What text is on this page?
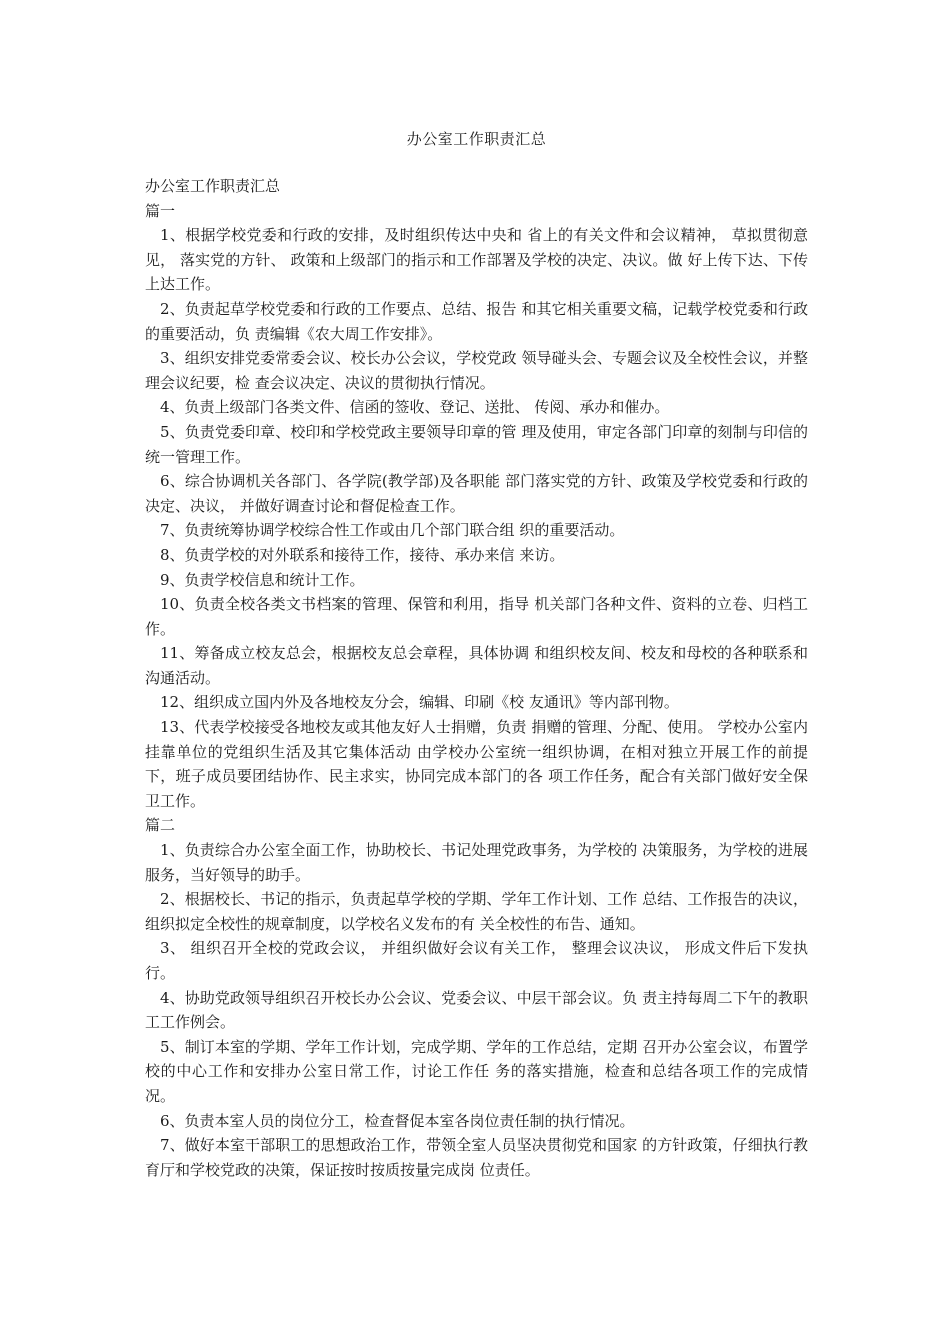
办公室工作职责汇总

办公室工作职责汇总

篇一

1、根据学校党委和行政的安排，及时组织传达中央和 省上的有关文件和会议精神， 草拟贯彻意见， 落实党的方针、 政策和上级部门的指示和工作部署及学校的决定、决议。做 好上传下达、下传上达工作。

2、负责起草学校党委和行政的工作要点、总结、报告 和其它相关重要文稿，记载学校党委和行政的重要活动，负 责编辑《农大周工作安排》。

3、组织安排党委常委会议、校长办公会议，学校党政 领导碰头会、专题会议及全校性会议，并整理会议纪要，检 查会议决定、决议的贯彻执行情况。

4、负责上级部门各类文件、信函的签收、登记、送批、 传阅、承办和催办。

5、负责党委印章、校印和学校党政主要领导印章的管 理及使用，审定各部门印章的刻制与印信的统一管理工作。

6、综合协调机关各部门、各学院(教学部)及各职能 部门落实党的方针、政策及学校党委和行政的决定、决议， 并做好调查讨论和督促检查工作。

7、负责统筹协调学校综合性工作或由几个部门联合组 织的重要活动。

8、负责学校的对外联系和接待工作，接待、承办来信 来访。

9、负责学校信息和统计工作。

10、负责全校各类文书档案的管理、保管和利用，指导 机关部门各种文件、资料的立卷、归档工作。

11、筹备成立校友总会，根据校友总会章程，具体协调 和组织校友间、校友和母校的各种联系和沟通活动。

12、组织成立国内外及各地校友分会，编辑、印刷《校 友通讯》等内部刊物。

13、代表学校接受各地校友或其他友好人士捐赠，负责 捐赠的管理、分配、使用。 学校办公室内挂靠单位的党组织生活及其它集体活动 由学校办公室统一组织协调，在相对独立开展工作的前提 下，班子成员要团结协作、民主求实，协同完成本部门的各 项工作任务，配合有关部门做好安全保卫工作。

篇二

1、负责综合办公室全面工作，协助校长、书记处理党政事务，为学校的 决策服务，为学校的进展服务，当好领导的助手。

2、根据校长、书记的指示，负责起草学校的学期、学年工作计划、工作 总结、工作报告的决议，组织拟定全校性的规章制度，以学校名义发布的有 关全校性的布告、通知。

3、 组织召开全校的党政会议， 并组织做好会议有关工作， 整理会议决议， 形成文件后下发执行。

4、协助党政领导组织召开校长办公会议、党委会议、中层干部会议。负 责主持每周二下午的教职工工作例会。

5、制订本室的学期、学年工作计划，完成学期、学年的工作总结，定期 召开办公室会议，布置学校的中心工作和安排办公室日常工作，讨论工作任 务的落实措施，检查和总结各项工作的完成情况。

6、负责本室人员的岗位分工，检查督促本室各岗位责任制的执行情况。

7、做好本室干部职工的思想政治工作，带领全室人员坚决贯彻党和国家 的方针政策，仔细执行教育厅和学校党政的决策，保证按时按质按量完成岗 位责任。
